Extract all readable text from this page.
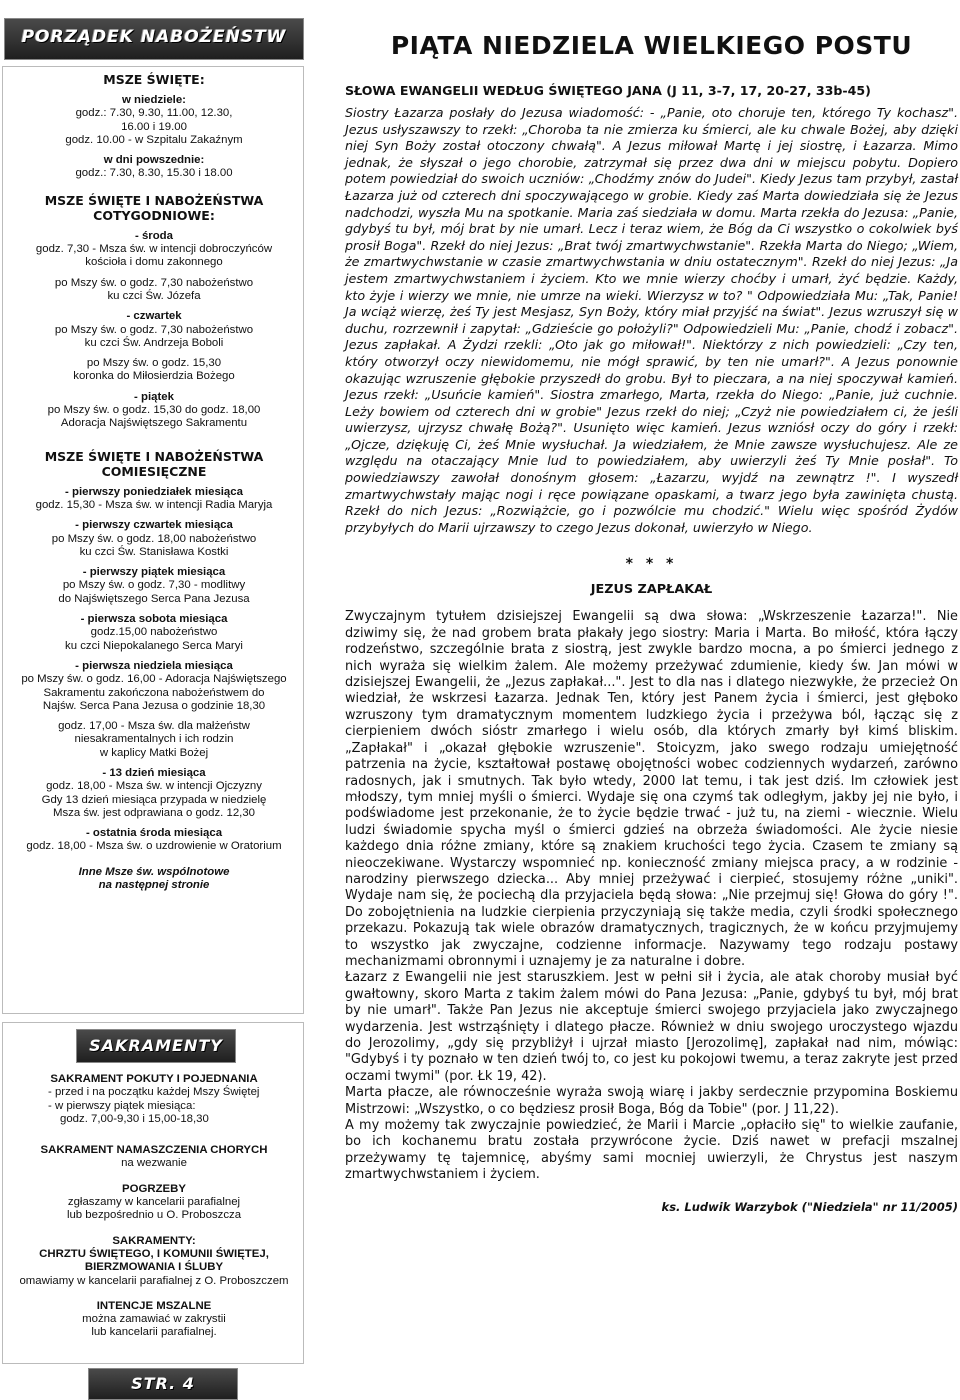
PORZĄDEK NABOŻEŃSTW
MSZE ŚWIĘTE:
w niedziele:
godz.: 7.30, 9.30, 11.00, 12.30,
16.00 i 19.00
godz. 10.00 - w Szpitalu Zakaźnym
w dni powszednie:
godz.: 7.30, 8.30, 15.30 i 18.00
MSZE ŚWIĘTE I NABOŻEŃSTWA
COTYGODNIOWE:
- środa
godz. 7,30 - Msza św. w intencji dobroczyńców
kościoła i domu zakonnego
po Mszy św. o godz. 7,30 nabożeństwo
ku czci Św. Józefa
- czwartek
po Mszy św. o godz. 7,30 nabożeństwo
ku czci Św. Andrzeja Boboli
po Mszy św. o godz. 15,30
koronka do Miłosierdzia Bożego
- piątek
po Mszy św. o godz. 15,30 do godz. 18,00
Adoracja Najświętszego Sakramentu
MSZE ŚWIĘTE I NABOŻEŃSTWA
COMIESIĘCZNE
- pierwszy poniedziałek miesiąca
godz. 15,30 - Msza św. w intencji Radia Maryja
- pierwszy czwartek miesiąca
po Mszy św. o godz. 18,00 nabożeństwo
ku czci Św. Stanisława Kostki
- pierwszy piątek miesiąca
po Mszy św. o godz. 7,30 - modlitwy
do Najświętszego Serca Pana Jezusa
- pierwsza sobota miesiąca
godz.15,00 nabożeństwo
ku czci Niepokalanego Serca Maryi
- pierwsza niedziela miesiąca
po Mszy św. o godz. 16,00 - Adoracja Najświętszego
Sakramentu zakończona nabożeństwem do
Najśw. Serca Pana Jezusa o godzinie 18,30
godz. 17,00 - Msza św. dla małżeństw
niesakramentalnych i ich rodzin
w kaplicy Matki Bożej
- 13 dzień miesiąca
godz. 18,00 - Msza św. w intencji Ojczyzny
Gdy 13 dzień miesiąca przypada w niedzielę
Msza św. jest odprawiana o godz. 12,30
- ostatnia środa miesiąca
godz. 18,00 - Msza św. o uzdrowienie w Oratorium
Inne Msze św. wspólnotowe
na następnej stronie
SAKRAMENTY
SAKRAMENT POKUTY I POJEDNANIA
- przed i na początku każdej Mszy Świętej
- w pierwszy piątek miesiąca:
godz. 7,00-9,30 i 15,00-18,30
SAKRAMENT NAMASZCZENIA CHORYCH
na wezwanie
POGRZEBY
zgłaszamy w kancelarii parafialnej
lub bezpośrednio u O. Proboszcza
SAKRAMENTY:
CHRZTU ŚWIĘTEGO, I KOMUNII ŚWIĘTEJ,
BIERZMOWANIA I ŚLUBY
omawiamy w kancelarii parafialnej z O. Proboszczem
INTENCJE MSZALNE
można zamawiać w zakrystii
lub kancelarii parafialnej.
STR. 4
PIĄTA NIEDZIELA WIELKIEGO POSTU
SŁOWA EWANGELII WEDŁUG ŚWIĘTEGO JANA (J 11, 3-7, 17, 20-27, 33b-45)
Siostry Łazarza posłały do Jezusa wiadomość: - „Panie, oto choruje ten, którego Ty kochasz". Jezus usłyszawszy to rzekł: „Choroba ta nie zmierza ku śmierci, ale ku chwale Bożej, aby dzięki niej Syn Boży został otoczony chwałą". A Jezus miłował Martę i jej siostrę, i Łazarza. Mimo jednak, że słyszał o jego chorobie, zatrzymał się przez dwa dni w miejscu pobytu. Dopiero potem powiedział do swoich uczniów: „Chodźmy znów do Judei". Kiedy Jezus tam przybył, zastał Łazarza już od czterech dni spoczywającego w grobie. Kiedy zaś Marta dowiedziała się że Jezus nadchodzi, wyszła Mu na spotkanie. Maria zaś siedziała w domu. Marta rzekła do Jezusa: „Panie, gdybyś tu był, mój brat by nie umarł. Lecz i teraz wiem, że Bóg da Ci wszystko o cokolwiek byś prosił Boga". Rzekł do niej Jezus: „Brat twój zmartwychwstanie". Rzekła Marta do Niego; „Wiem, że zmartwychwstanie w czasie zmartwychwstania w dniu ostatecznym". Rzekł do niej Jezus: „Ja jestem zmartwychwstaniem i życiem. Kto we mnie wierzy choćby i umarł, żyć będzie. Każdy, kto żyje i wierzy we mnie, nie umrze na wieki. Wierzysz w to? " Odpowiedziała Mu: „Tak, Panie! Ja wciąż wierzę, żeś Ty jest Mesjasz, Syn Boży, który miał przyjść na świat". Jezus wzruszył się w duchu, rozrzewnił i zapytał: „Gdzieście go położyli?" Odpowiedzieli Mu: „Panie, chodź i zobacz". Jezus zapłakał. A Żydzi rzekli: „Oto jak go miłował!". Niektórzy z nich powiedzieli: „Czy ten, który otworzył oczy niewidomemu, nie mógł sprawić, by ten nie umarł?". A Jezus ponownie okazując wzruszenie głębokie przyszedł do grobu. Był to pieczara, a na niej spoczywał kamień. Jezus rzekł: „Usuńcie kamień". Siostra zmarłego, Marta, rzekła do Niego: „Panie, już cuchnie. Leży bowiem od czterech dni w grobie" Jezus rzekł do niej; „Czyż nie powiedziałem ci, że jeśli uwierzysz, ujrzysz chwałę Bożą?". Usunięto więc kamień. Jezus wzniósł oczy do góry i rzekł: „Ojcze, dziękuję Ci, żeś Mnie wysłuchał. Ja wiedziałem, że Mnie zawsze wysłuchujesz. Ale ze względu na otaczający Mnie lud to powiedziałem, aby uwierzyli żeś Ty Mnie posłał". To powiedziawszy zawołał donośnym głosem: „Łazarzu, wyjdź na zewnątrz !". I wyszedł zmartwychwstały mając nogi i ręce powiązane opaskami, a twarz jego była zawinięta chustą. Rzekł do nich Jezus: „Rozwiążcie, go i pozwólcie mu chodzić." Wielu więc spośród Żydów przybyłych do Marii ujrzawszy to czego Jezus dokonał, uwierzyło w Niego.
* * *
JEZUS ZAPŁAKAŁ

Zwyczajnym tytułem dzisiejszej Ewangelii są dwa słowa: „Wskrzeszenie Łazarza!". Nie dziwimy się, że nad grobem brata płakały jego siostry: Maria i Marta. Bo miłość, która łączy rodzeństwo, szczególnie brata z siostrą, jest zwykle bardzo mocna, a po śmierci jednego z nich wyraża się wielkim żalem. Ale możemy przeżywać zdumienie, kiedy św. Jan mówi w dzisiejszej Ewangelii, że „Jezus zapłakał...". Jest to dla nas i dlatego niezwykłe, że przecież On wiedział, że wskrzesi Łazarza. Jednak Ten, który jest Panem życia i śmierci, jest głęboko wzruszony tym dramatycznym momentem ludzkiego życia i przeżywa ból, łącząc się z cierpieniem dwóch sióstr zmarłego i wielu osób, dla których zmarły był kimś bliskim. „Zapłakał" i „okazał głębokie wzruszenie". Stoicyzm, jako swego rodzaju umiejętność patrzenia na życie, kształtował postawę obojętności wobec codziennych wydarzeń, zarówno radosnych, jak i smutnych. Tak było wtedy, 2000 lat temu, i tak jest dziś. Im człowiek jest młodszy, tym mniej myśli o śmierci. Wydaje się ona czymś tak odległym, jakby jej nie było, i podświadome jest przekonanie, że to życie będzie trwać - już tu, na ziemi - wiecznie. Wielu ludzi świadomie spycha myśl o śmierci gdzieś na obrzeża świadomości. Ale życie niesie każdego dnia różne zmiany, które są znakiem kruchości tego życia. Czasem te zmiany są nieoczekiwane. Wystarczy wspomnieć np. konieczność zmiany miejsca pracy, a w rodzinie - narodziny pierwszego dziecka... Aby mniej przeżywać i cierpieć, stosujemy różne „uniki". Wydaje nam się, że pociechą dla przyjaciela będą słowa: „Nie przejmuj się! Głowa do góry !". Do zobojętnienia na ludzkie cierpienia przyczyniają się także media, czyli środki społecznego przekazu. Pokazują tak wiele obrazów dramatycznych, tragicznych, że w końcu przyjmujemy to wszystko jak zwyczajne, codzienne informacje. Nazywamy tego rodzaju postawy mechanizmami obronnymi i uznajemy je za naturalne i dobre.

Łazarz z Ewangelii nie jest staruszkiem. Jest w pełni sił i życia, ale atak choroby musiał być gwałtowny, skoro Marta z takim żalem mówi do Pana Jezusa: „Panie, gdybyś tu był, mój brat by nie umarł". Także Pan Jezus nie akceptuje śmierci swojego przyjaciela jako zwyczajnego wydarzenia. Jest wstrząśnięty i dlatego płacze. Również w dniu swojego uroczystego wjazdu do Jerozolimy, „gdy się przybliżył i ujrzał miasto [Jerozolimę], zapłakał nad nim, mówiąc: "Gdybyś i ty poznało w ten dzień twój to, co jest ku pokojowi twemu, a teraz zakryte jest przed oczami twymi" (por. Łk 19, 42).

Marta płacze, ale równocześnie wyraża swoją wiarę i jakby serdecznie przypomina Boskiemu Mistrzowi: „Wszystko, o co będziesz prosił Boga, Bóg da Tobie" (por. J 11,22).

A my możemy tak zwyczajnie powiedzieć, że Marii i Marcie „opłaciło się" to wielkie zaufanie, bo ich kochanemu bratu została przywrócone życie. Dziś nawet w prefacji mszalnej przeżywamy tę tajemnicę, abyśmy sami mocniej uwierzyli, że Chrystus jest naszym zmartwychwstaniem i życiem.

ks. Ludwik Warzybok ("Niedziela" nr 11/2005)
